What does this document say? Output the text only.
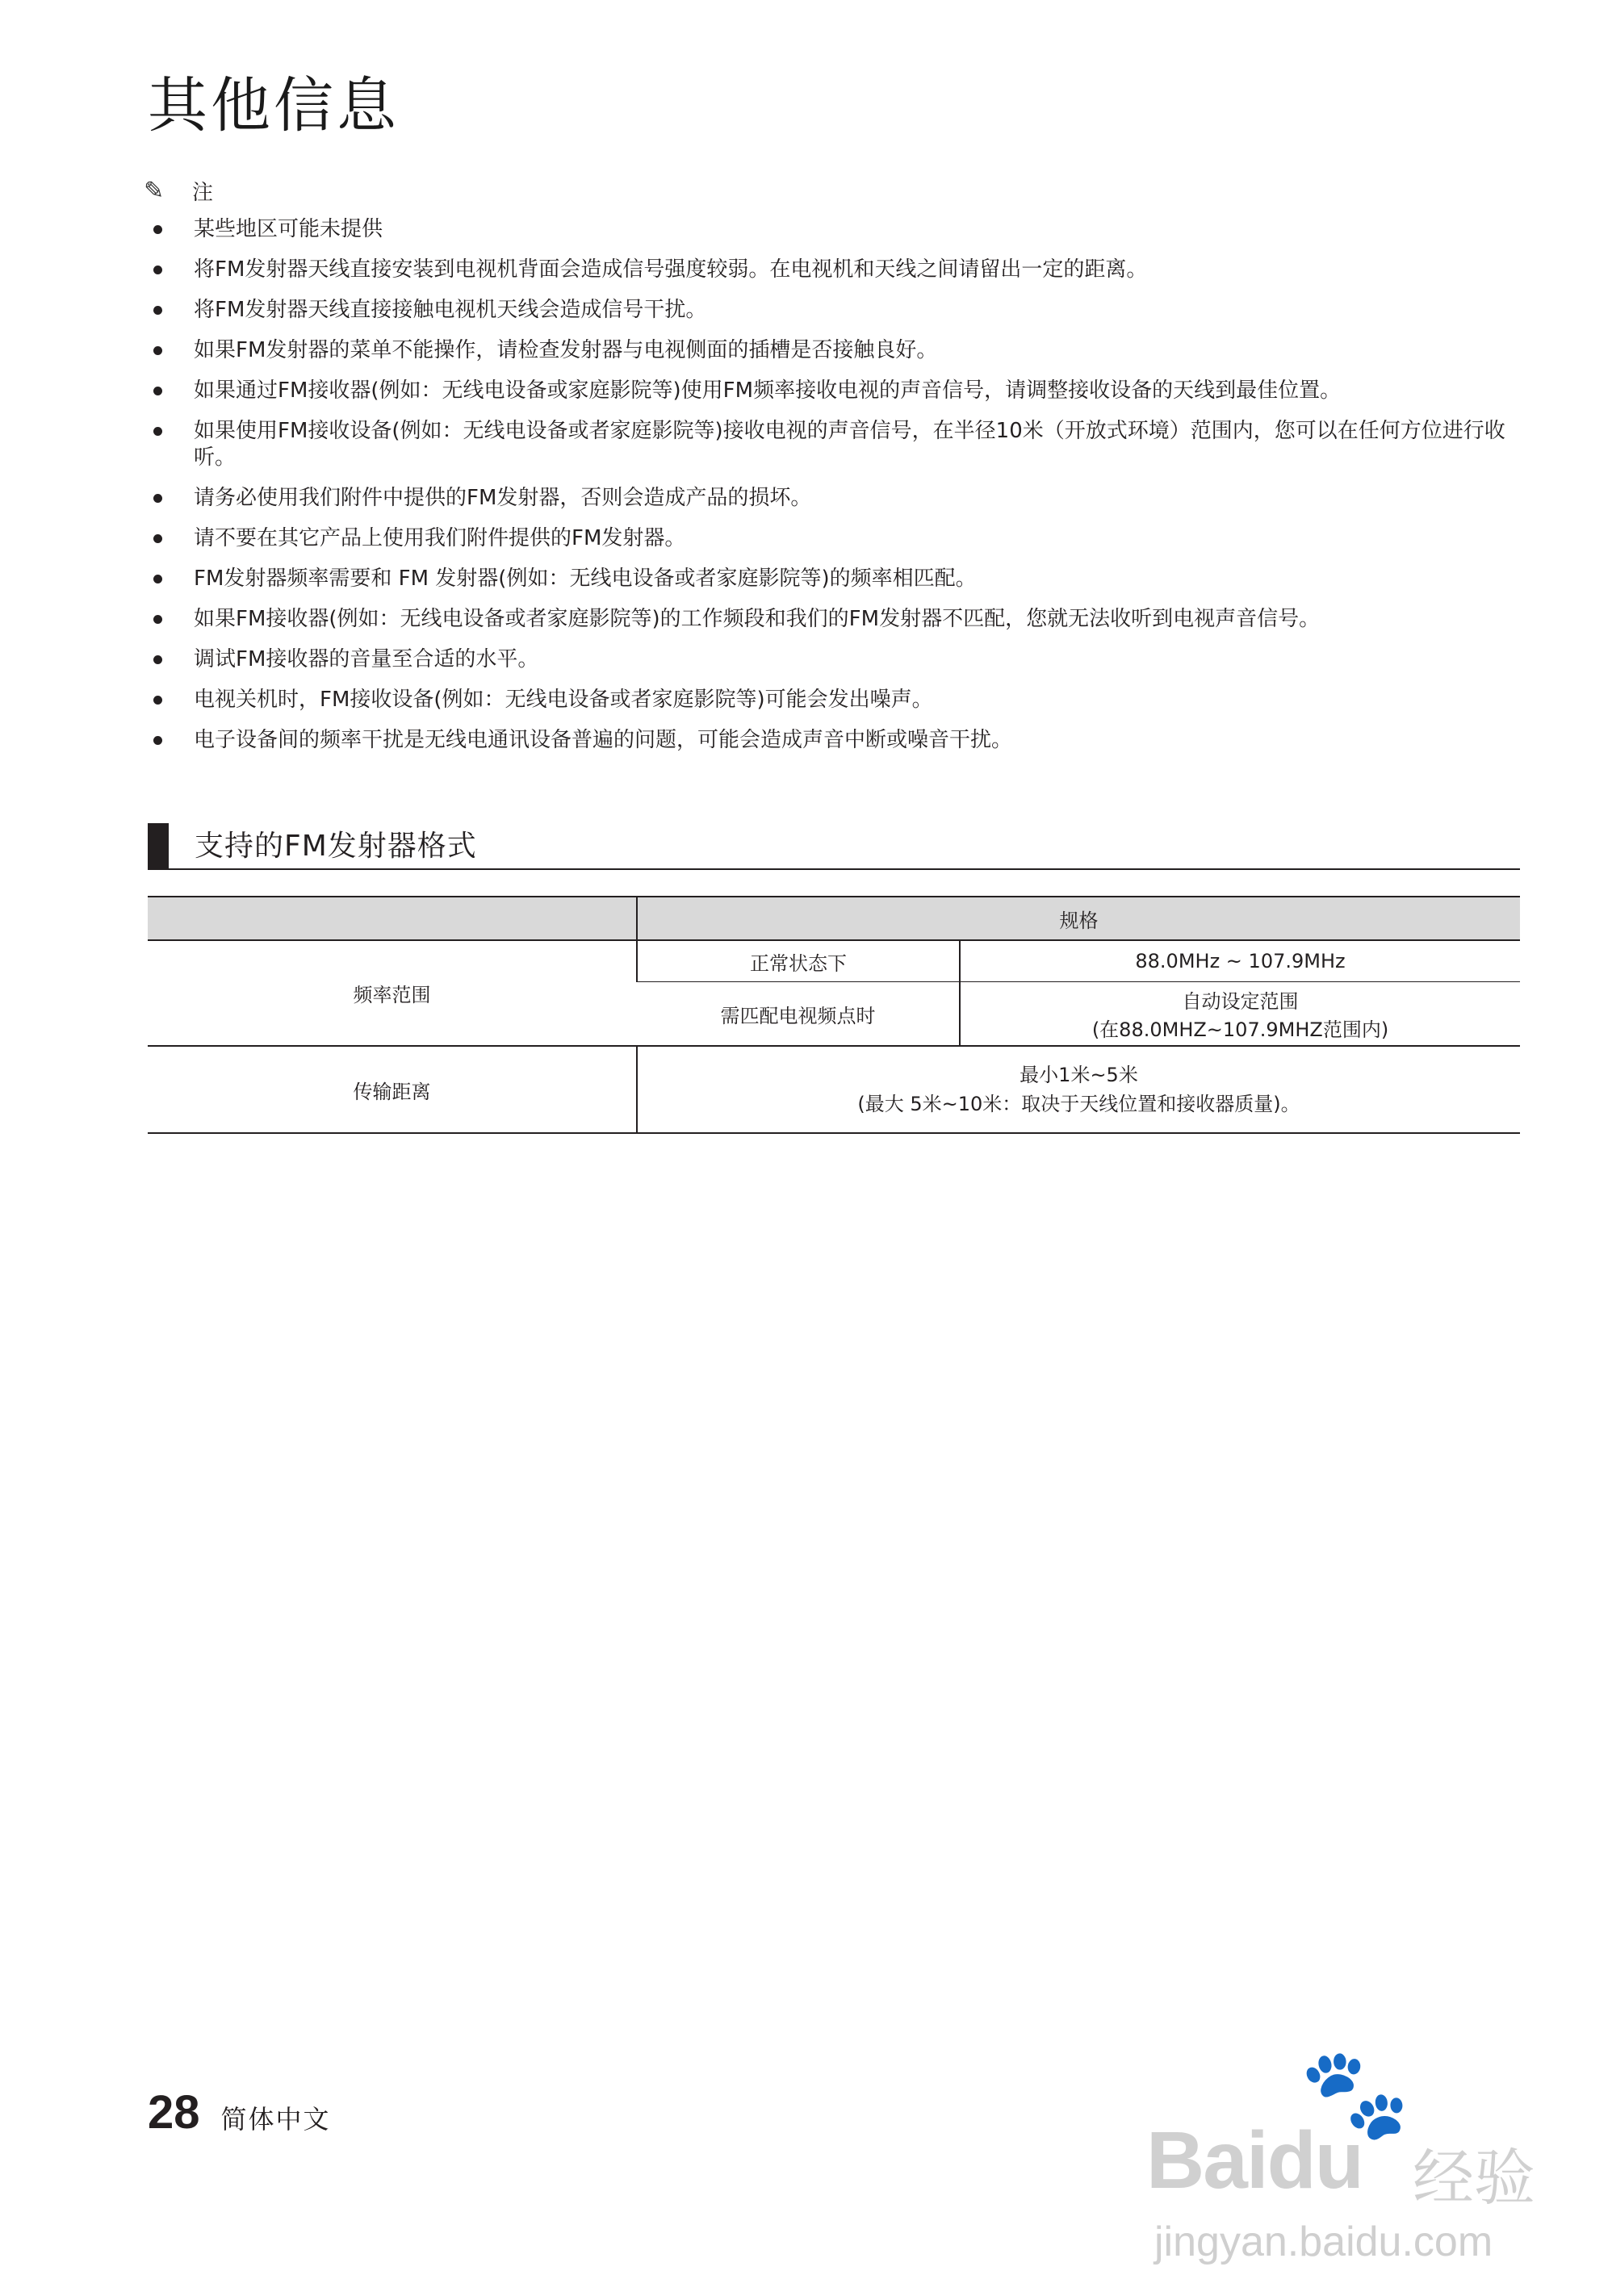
其他信息
✎	注
某些地区可能未提供
将FM发射器天线直接安装到电视机背面会造成信号强度较弱。在电视机和天线之间请留出一定的距离。
将FM发射器天线直接接触电视机天线会造成信号干扰。
如果FM发射器的菜单不能操作，请检查发射器与电视侧面的插槽是否接触良好。
如果通过FM接收器(例如：无线电设备或家庭影院等)使用FM频率接收电视的声音信号，请调整接收设备的天线到最佳位置。
如果使用FM接收设备(例如：无线电设备或者家庭影院等)接收电视的声音信号，在半径10米（开放式环境）范围内，您可以在任何方位进行收听。
请务必使用我们附件中提供的FM发射器，否则会造成产品的损坏。
请不要在其它产品上使用我们附件提供的FM发射器。
FM发射器频率需要和 FM 发射器(例如：无线电设备或者家庭影院等)的频率相匹配。
如果FM接收器(例如：无线电设备或者家庭影院等)的工作频段和我们的FM发射器不匹配，您就无法收听到电视声音信号。
调试FM接收器的音量至合适的水平。
电视关机时，FM接收设备(例如：无线电设备或者家庭影院等)可能会发出噪声。
电子设备间的频率干扰是无线电通讯设备普遍的问题，可能会造成声音中断或噪音干扰。
支持的FM发射器格式
	规格	
频率范围	正常状态下	88.0MHz ~ 107.9MHz
	需匹配电视频点时	自动设定范围
(在88.0MHZ~107.9MHZ范围内)

传输距离	最小1米~5米
(最大 5米~10米：取决于天线位置和接收器质量)。	
28 简体中文	🐾
Baidu 经验
jingyan.baidu.com
